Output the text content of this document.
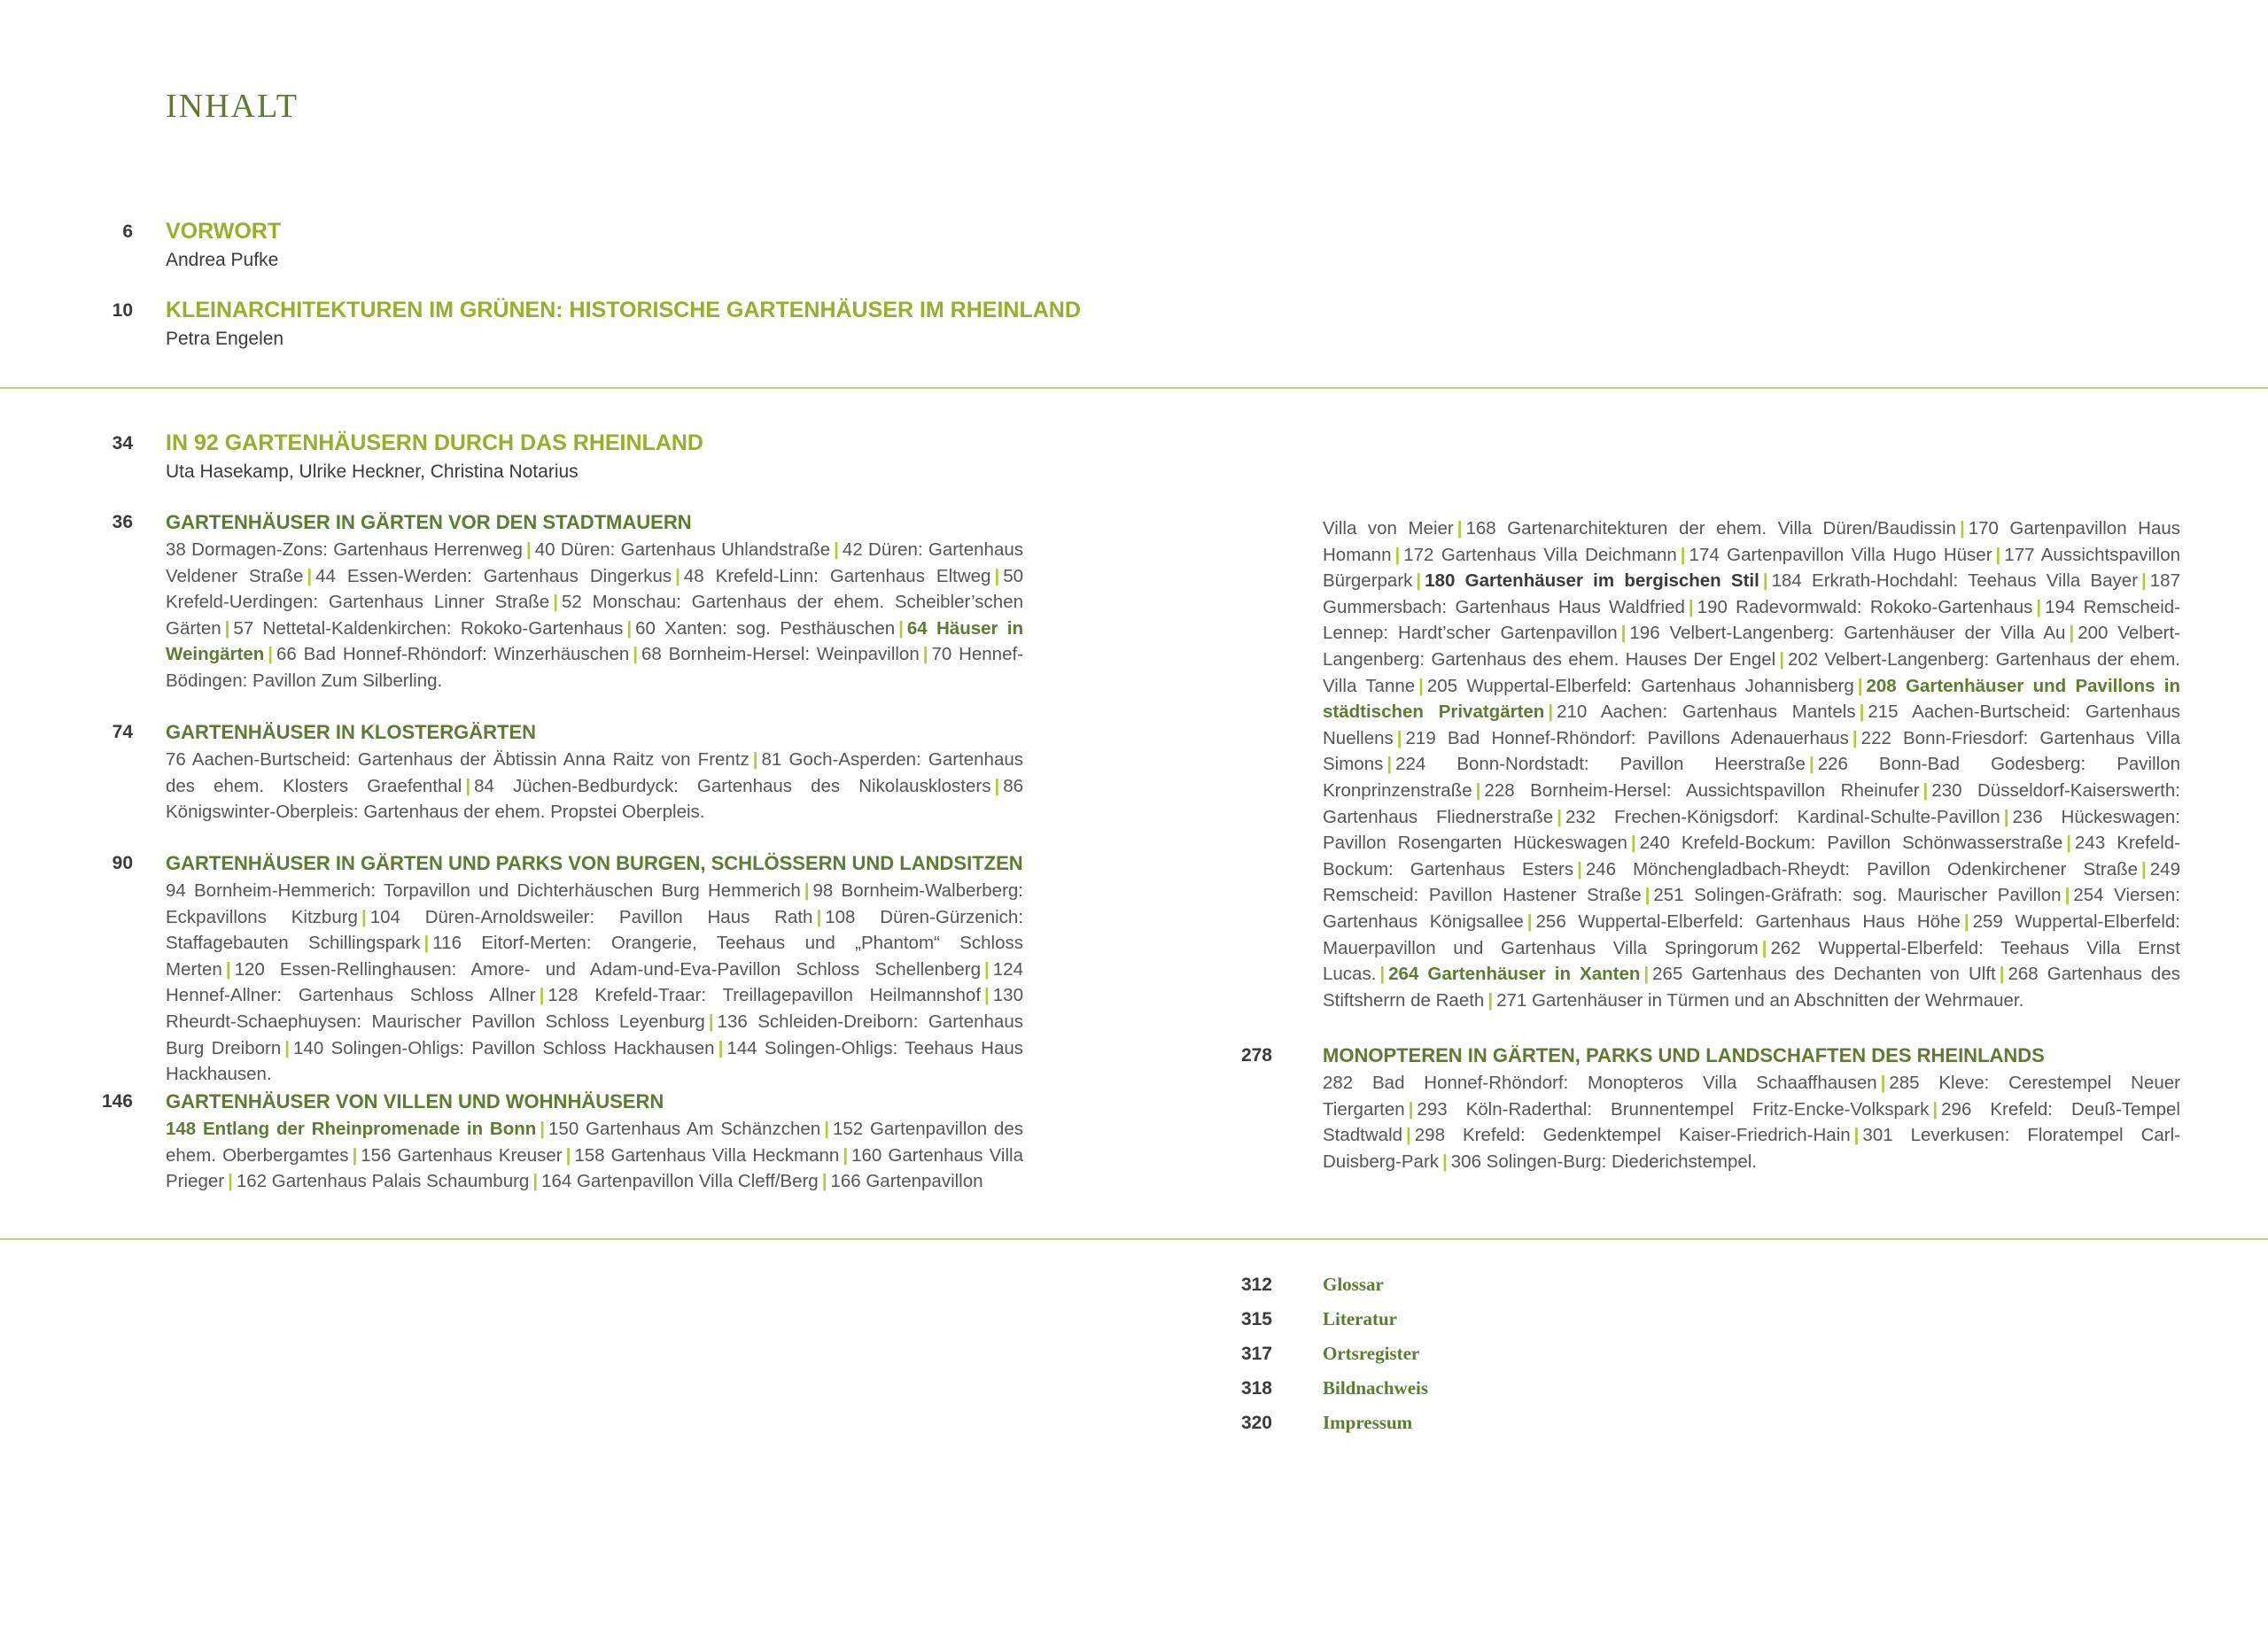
INHALT
6 VORWORT
Andrea Pufke
10 KLEINARCHITEKTUREN IM GRÜNEN: HISTORISCHE GARTENHÄUSER IM RHEINLAND
Petra Engelen
34 IN 92 GARTENHÄUSERN DURCH DAS RHEINLAND
Uta Hasekamp, Ulrike Heckner, Christina Notarius
36 GARTENHÄUSER IN GÄRTEN VOR DEN STADTMAUERN

38 Dormagen-Zons: Gartenhaus Herrenweg | 40 Düren: Gartenhaus Uhlandstraße | 42 Düren: Gartenhaus Veldener Straße | 44 Essen-Werden: Gartenhaus Dingerkus | 48 Krefeld-Linn: Gartenhaus Eltweg | 50 Krefeld-Uerdingen: Gartenhaus Linner Straße | 52 Monschau: Gartenhaus der ehem. Scheibler’schen Gärten | 57 Nettetal-Kaldenkirchen: Rokoko-Gartenhaus | 60 Xanten: sog. Pesthäuschen | 64 Häuser in Weingärten | 66 Bad Honnef-Rhöndorf: Winzerhäuschen | 68 Bornheim-Hersel: Weinpavillon | 70 Hennef-Bödingen: Pavillon Zum Silberling.

74 GARTENHÄUSER IN KLOSTERGÄRTEN

76 Aachen-Burtscheid: Gartenhaus der Äbtissin Anna Raitz von Frentz | 81 Goch-Asperden: Gartenhaus des ehem. Klosters Graefenthal | 84 Jüchen-Bedburdyck: Gartenhaus des Nikolausklosters | 86 Königswinter-Oberpleis: Gartenhaus der ehem. Propstei Oberpleis.

90 GARTENHÄUSER IN GÄRTEN UND PARKS VON BURGEN, SCHLÖSSERN UND LANDSITZEN

94 Bornheim-Hemmerich: Torpavillon und Dichterhäuschen Burg Hemmerich | 98 Bornheim-Walberberg: Eckpavillons Kitzburg | 104 Düren-Arnoldsweiler: Pavillon Haus Rath | 108 Düren-Gürzenich: Staffagebauten Schillingspark | 116 Eitorf-Merten: Orangerie, Teehaus und „Phantom“ Schloss Merten | 120 Essen-Rellinghausen: Amore- und Adam-und-Eva-Pavillon Schloss Schellenberg | 124 Hennef-Allner: Gartenhaus Schloss Allner | 128 Krefeld-Traar: Treillagepavillon Heilmannshof | 130 Rheurdt-Schaephuysen: Maurischer Pavillon Schloss Leyenburg | 136 Schleiden-Dreiborn: Gartenhaus Burg Dreiborn | 140 Solingen-Ohligs: Pavillon Schloss Hackhausen | 144 Solingen-Ohligs: Teehaus Haus Hackhausen.

146 GARTENHÄUSER VON VILLEN UND WOHNHÄUSERN

148 Entlang der Rheinpromenade in Bonn | 150 Gartenhaus Am Schänzchen | 152 Gartenpavillon des ehem. Oberbergamtes | 156 Gartenhaus Kreuser | 158 Gartenhaus Villa Heckmann | 160 Gartenhaus Villa Prieger | 162 Gartenhaus Palais Schaumburg | 164 Gartenpavillon Villa Cleff/Berg | 166 Gartenpavillon

Villa von Meier | 168 Gartenarchitekturen der ehem. Villa Düren/Baudissin | 170 Gartenpavillon Haus Homann | 172 Gartenhaus Villa Deichmann | 174 Gartenpavillon Villa Hugo Hüser | 177 Aussichtspavillon Bürgerpark | 180 Gartenhäuser im bergischen Stil | 184 Erkrath-Hochdahl: Teehaus Villa Bayer | 187 Gummersbach: Gartenhaus Haus Waldfried | 190 Radevormwald: Rokoko-Gartenhaus | 194 Remscheid-Lennep: Hardt’scher Gartenpavillon | 196 Velbert-Langenberg: Gartenhäuser der Villa Au | 200 Velbert-Langenberg: Gartenhaus des ehem. Hauses Der Engel | 202 Velbert-Langenberg: Gartenhaus der ehem. Villa Tanne | 205 Wuppertal-Elberfeld: Gartenhaus Johannisberg | 208 Gartenhäuser und Pavillons in städtischen Privatgärten | 210 Aachen: Gartenhaus Mantels | 215 Aachen-Burtscheid: Gartenhaus Nuellens | 219 Bad Honnef-Rhöndorf: Pavillons Adenauerhaus | 222 Bonn-Friesdorf: Gartenhaus Villa Simons | 224 Bonn-Nordstadt: Pavillon Heerstraße | 226 Bonn-Bad Godesberg: Pavillon Kronprinzenstraße | 228 Bornheim-Hersel: Aussichtspavillon Rheinufer | 230 Düsseldorf-Kaiserswerth: Gartenhaus Fliednerstraße | 232 Frechen-Königsdorf: Kardinal-Schulte-Pavillon | 236 Hückeswagen: Pavillon Rosengarten Hückeswagen | 240 Krefeld-Bockum: Pavillon Schönwasserstraße | 243 Krefeld-Bockum: Gartenhaus Esters | 246 Mönchengladbach-Rheydt: Pavillon Odenkirchener Straße | 249 Remscheid: Pavillon Hastener Straße | 251 Solingen-Gräfrath: sog. Maurischer Pavillon | 254 Viersen: Gartenhaus Königsallee | 256 Wuppertal-Elberfeld: Gartenhaus Haus Höhe | 259 Wuppertal-Elberfeld: Mauerpavillon und Gartenhaus Villa Springorum | 262 Wuppertal-Elberfeld: Teehaus Villa Ernst Lucas. | 264 Gartenhäuser in Xanten | 265 Gartenhaus des Dechanten von Ulft | 268 Gartenhaus des Stiftsherrn de Raeth | 271 Gartenhäuser in Türmen und an Abschnitten der Wehrmauer.

278	MONOPTEREN IN GÄRTEN, PARKS UND LANDSCHAFTEN DES RHEINLANDS

282 Bad Honnef-Rhöndorf: Monopteros Villa Schaaffhausen | 285 Kleve: Cerestempel Neuer Tiergarten | 293 Köln-Raderthal: Brunnentempel Fritz-Encke-Volkspark | 296 Krefeld: Deuß-Tempel Stadtwald | 298 Krefeld: Gedenktempel Kaiser-Friedrich-Hain | 301 Leverkusen: Floratempel Carl-Duisberg-Park | 306 Solingen-Burg: Diederichstempel.

312	Glossar
315	Literatur
317	Ortsregister
318	Bildnachweis
320	Impressum
